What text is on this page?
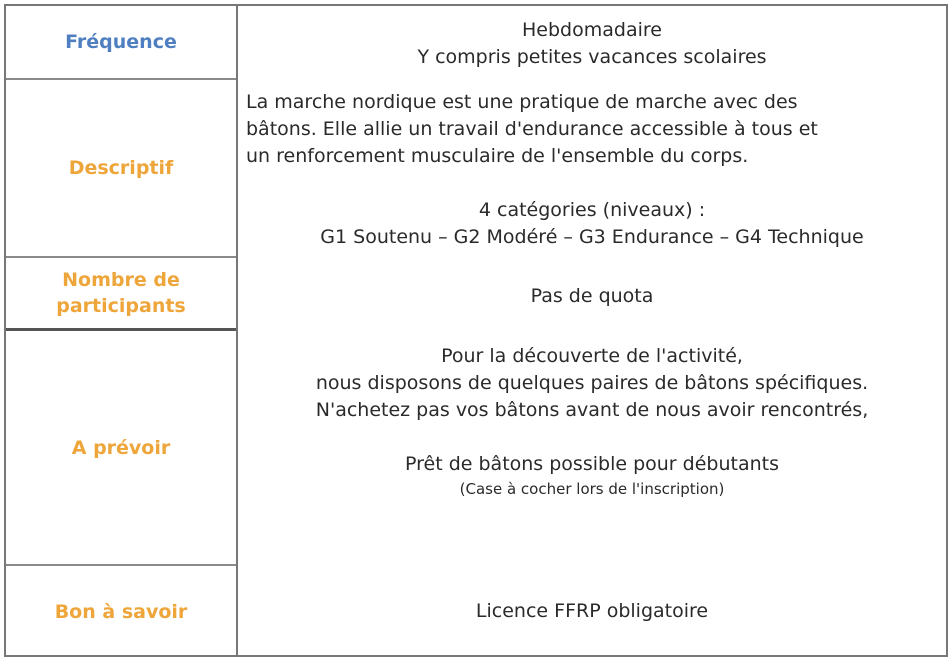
Fréquence

Hebdomadaire

Y compris petites vacances scolaires

Descriptif

La marche nordique est une pratique de marche avec des

bâtons. Elle allie un travail d'endurance accessible à tous et

un renforcement musculaire de l'ensemble du corps.

4 catégories (niveaux) :

G1 Soutenu – G2 Modéré – G3 Endurance – G4 Technique

Nombre de
participants	Pas de quota

A prévoir

Pour la découverte de l'activité,

nous disposons de quelques paires de bâtons spécifiques.

N'achetez pas vos bâtons avant de nous avoir rencontrés,

Prêt de bâtons possible pour débutants

(Case à cocher lors de l'inscription)

Bon à savoir	Licence FFRP obligatoire
